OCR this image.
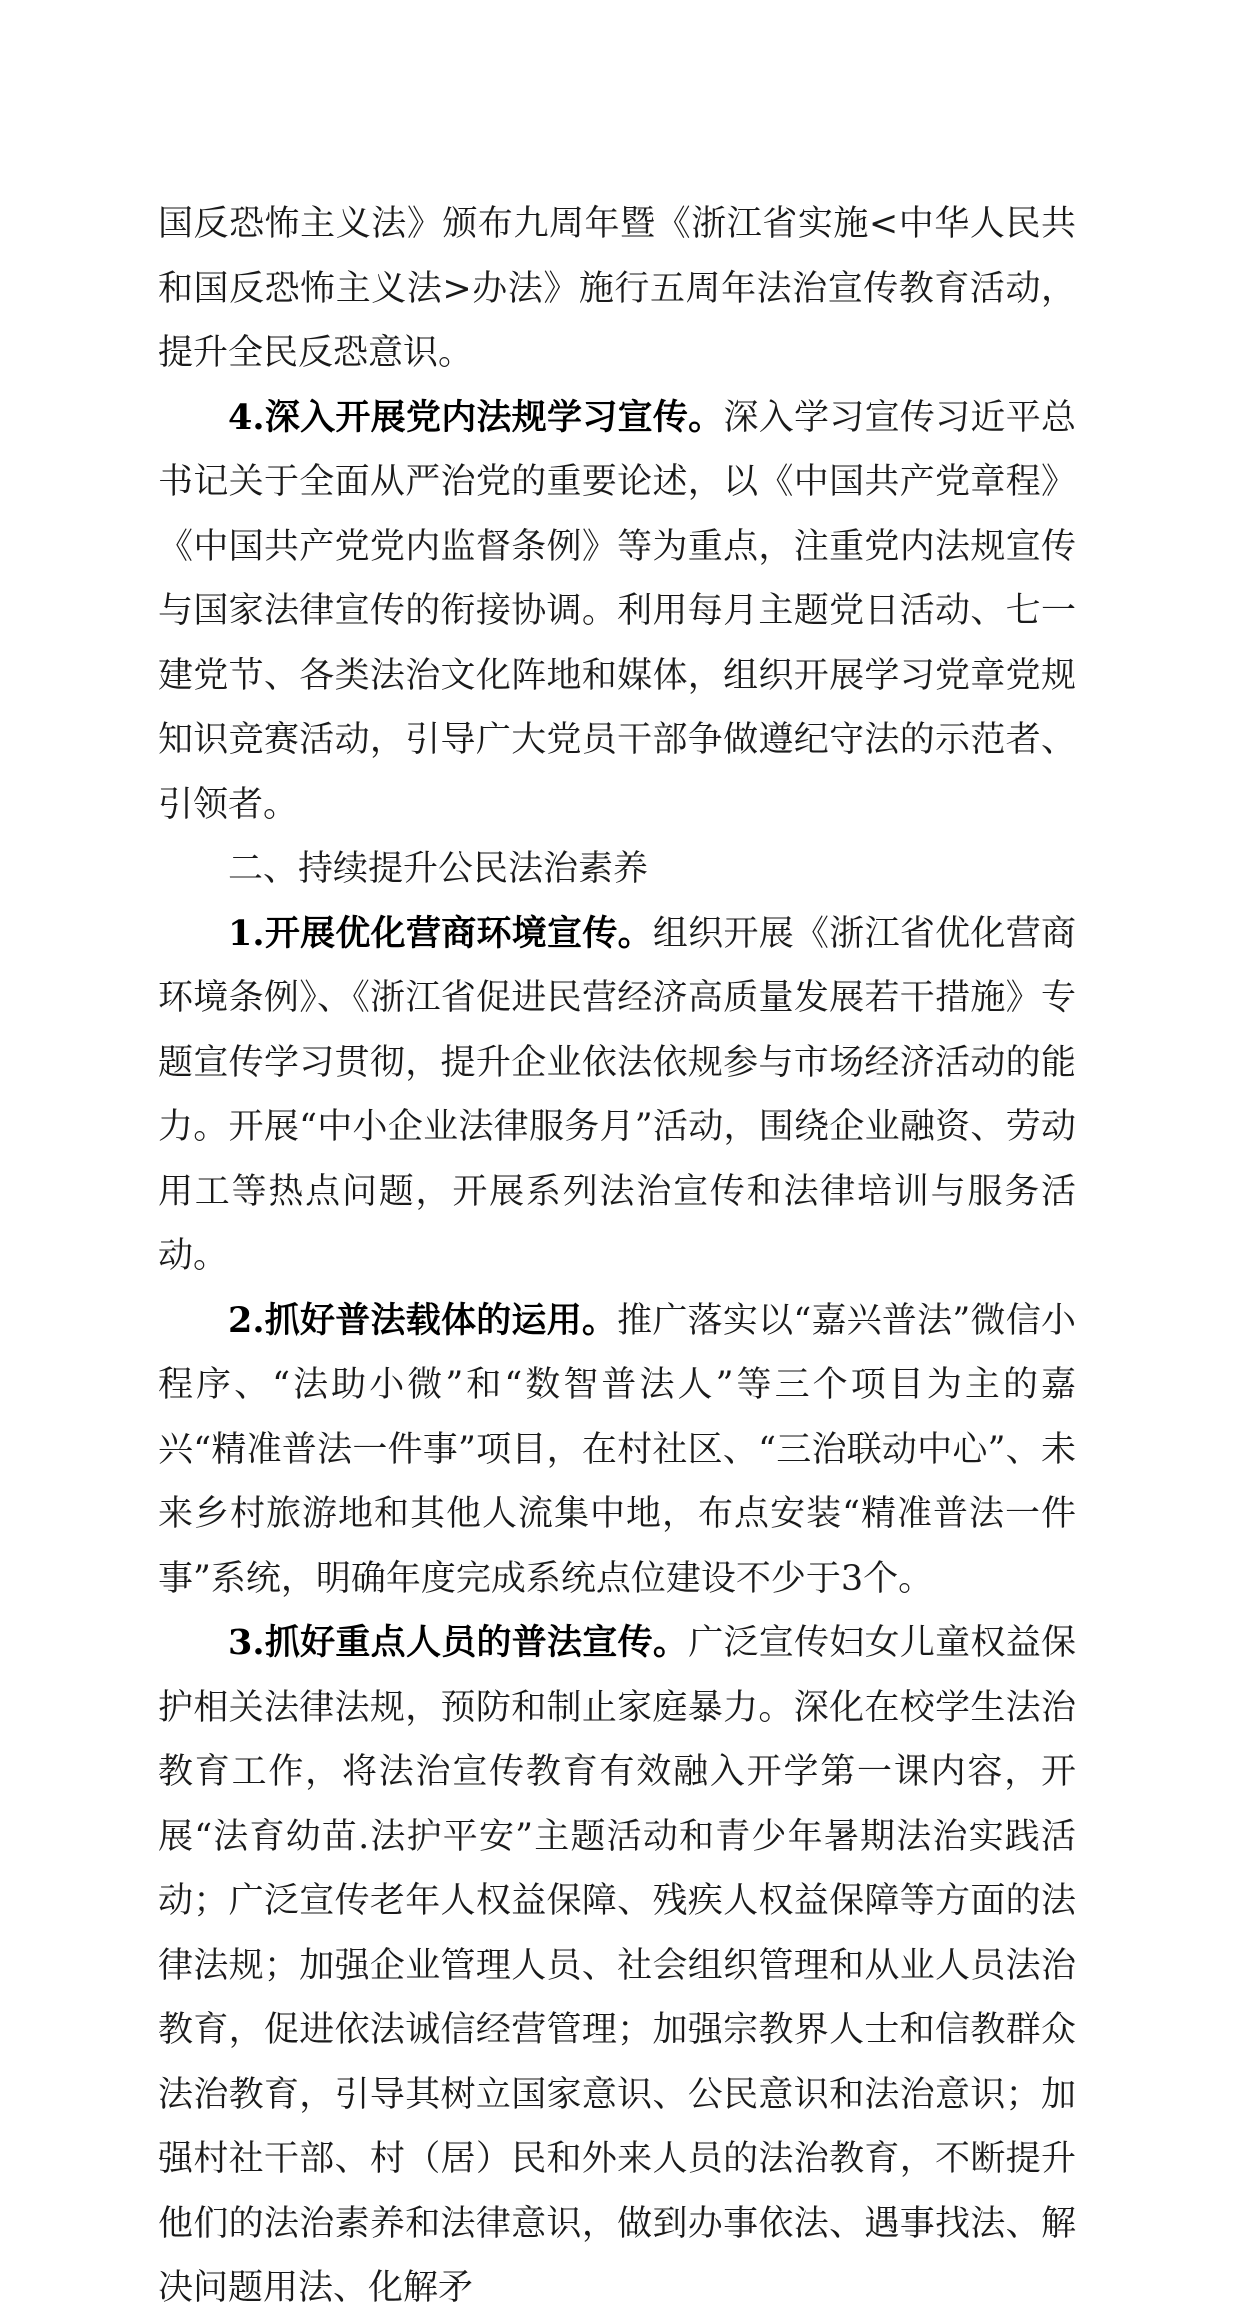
国反恐怖主义法》颁布九周年暨《浙江省实施<中华人民共和国反恐怖主义法>办法》施行五周年法治宣传教育活动，提升全民反恐意识。

4.深入开展党内法规学习宣传。深入学习宣传习近平总书记关于全面从严治党的重要论述，以《中国共产党章程》《中国共产党党内监督条例》等为重点，注重党内法规宣传与国家法律宣传的衔接协调。利用每月主题党日活动、七一建党节、各类法治文化阵地和媒体，组织开展学习党章党规知识竞赛活动，引导广大党员干部争做遵纪守法的示范者、引领者。

二、持续提升公民法治素养

1.开展优化营商环境宣传。组织开展《浙江省优化营商环境条例》、《浙江省促进民营经济高质量发展若干措施》专题宣传学习贯彻，提升企业依法依规参与市场经济活动的能力。开展“中小企业法律服务月”活动，围绕企业融资、劳动用工等热点问题，开展系列法治宣传和法律培训与服务活动。

2.抓好普法载体的运用。推广落实以“嘉兴普法”微信小程序、“法助小微”和“数智普法人”等三个项目为主的嘉兴“精准普法一件事”项目，在村社区、“三治联动中心”、未来乡村旅游地和其他人流集中地，布点安装“精准普法一件事”系统，明确年度完成系统点位建设不少于3个。

3.抓好重点人员的普法宣传。广泛宣传妇女儿童权益保护相关法律法规，预防和制止家庭暴力。深化在校学生法治教育工作，将法治宣传教育有效融入开学第一课内容，开展“法育幼苗.法护平安”主题活动和青少年暑期法治实践活动；广泛宣传老年人权益保障、残疾人权益保障等方面的法律法规；加强企业管理人员、社会组织管理和从业人员法治教育，促进依法诚信经营管理；加强宗教界人士和信教群众法治教育，引导其树立国家意识、公民意识和法治意识；加强村社干部、村（居）民和外来人员的法治教育，不断提升他们的法治素养和法律意识，做到办事依法、遇事找法、解决问题用法、化解矛
